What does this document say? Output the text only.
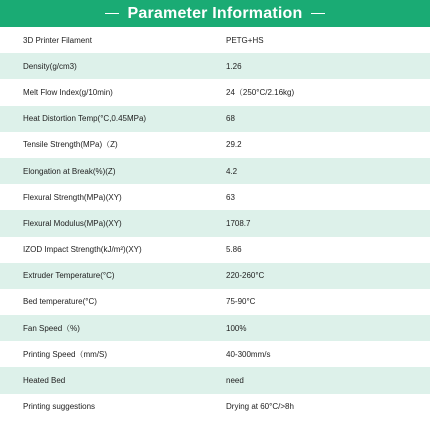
Parameter Information
3D Printer Filament	PETG+HS
Density(g/cm3)	1.26
Melt Flow Index(g/10min)	24（250°C/2.16kg)
Heat Distortion Temp(°C,0.45MPa)	68
Tensile Strength(MPa)（Z)	29.2
Elongation at Break(%)(Z)	4.2
Flexural Strength(MPa)(XY)	63
Flexural Modulus(MPa)(XY)	1708.7
IZOD Impact Strength(kJ/m²)(XY)	5.86
Extruder Temperature(°C)	220-260°C
Bed temperature(°C)	75-90°C
Fan Speed（%)	100%
Printing Speed（mm/S)	40-300mm/s
Heated Bed	need
Printing suggestions	Drying at 60°C/>8h
